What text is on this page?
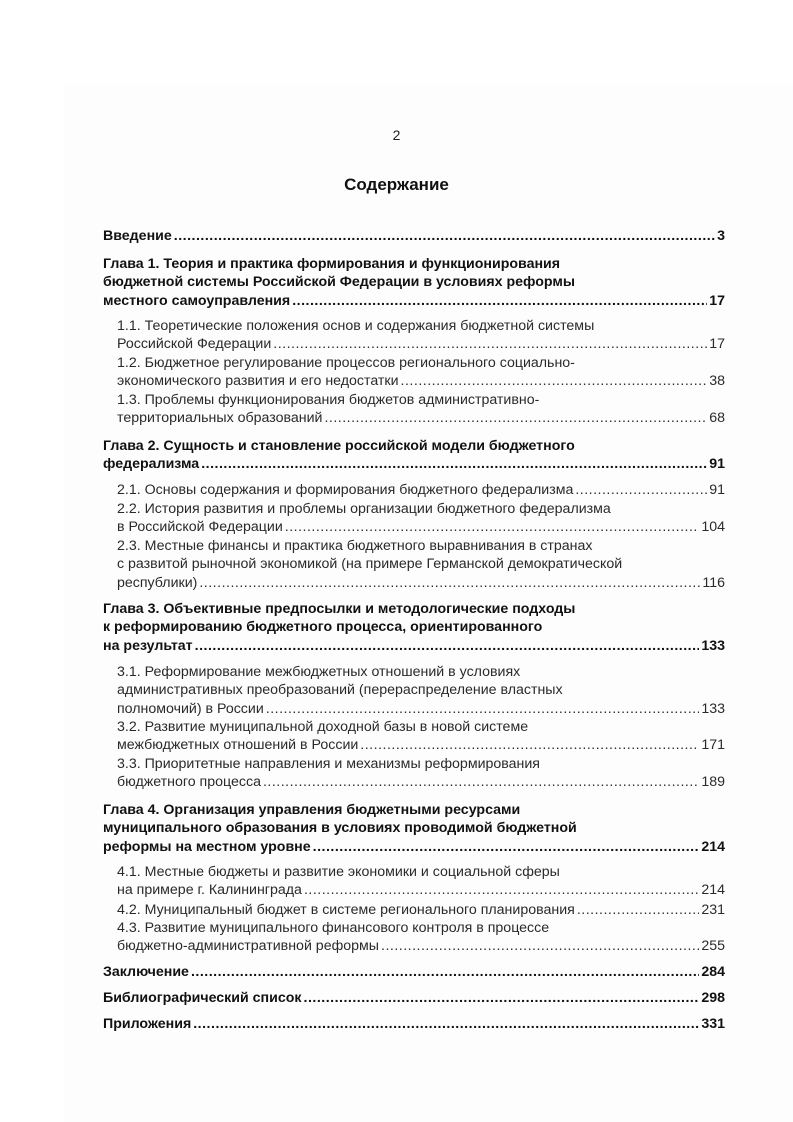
2
Содержание
Введение .....	3
Глава 1. Теория и практика формирования и функционирования
бюджетной системы Российской Федерации в условиях реформы
местного самоуправления .....	17
1.1. Теоретические положения основ и содержания бюджетной системы
Российской Федерации .....	17
1.2. Бюджетное регулирование процессов регионального социально-
экономического развития и его недостатки .....	38
1.3. Проблемы функционирования бюджетов административно-
территориальных образований .....	68
Глава 2. Сущность и становление российской модели бюджетного
федерализма .....	91
2.1. Основы содержания и формирования бюджетного федерализма .....	91
2.2. История развития и проблемы организации бюджетного федерализма
в Российской Федерации .....	104
2.3. Местные финансы и практика бюджетного выравнивания в странах
с развитой рыночной экономикой (на примере Германской демократической
республики) .....	116
Глава 3. Объективные предпосылки и методологические подходы
к реформированию бюджетного процесса, ориентированного
на результат .....	133
3.1. Реформирование межбюджетных отношений в условиях
административных преобразований (перераспределение властных
полномочий) в России .....	133
3.2. Развитие муниципальной доходной базы в новой системе
межбюджетных отношений в России .....	171
3.3. Приоритетные направления и механизмы реформирования
бюджетного процесса .....	189
Глава 4. Организация управления бюджетными ресурсами
муниципального образования в условиях проводимой бюджетной
реформы на местном уровне .....	214
4.1. Местные бюджеты и развитие экономики и социальной сферы
на примере г. Калининграда .....	214
4.2. Муниципальный бюджет в системе регионального планирования .....	231
4.3. Развитие муниципального финансового контроля в процессе
бюджетно-административной реформы .....	255
Заключение .....	284
Библиографический список .....	298
Приложения .....	331
